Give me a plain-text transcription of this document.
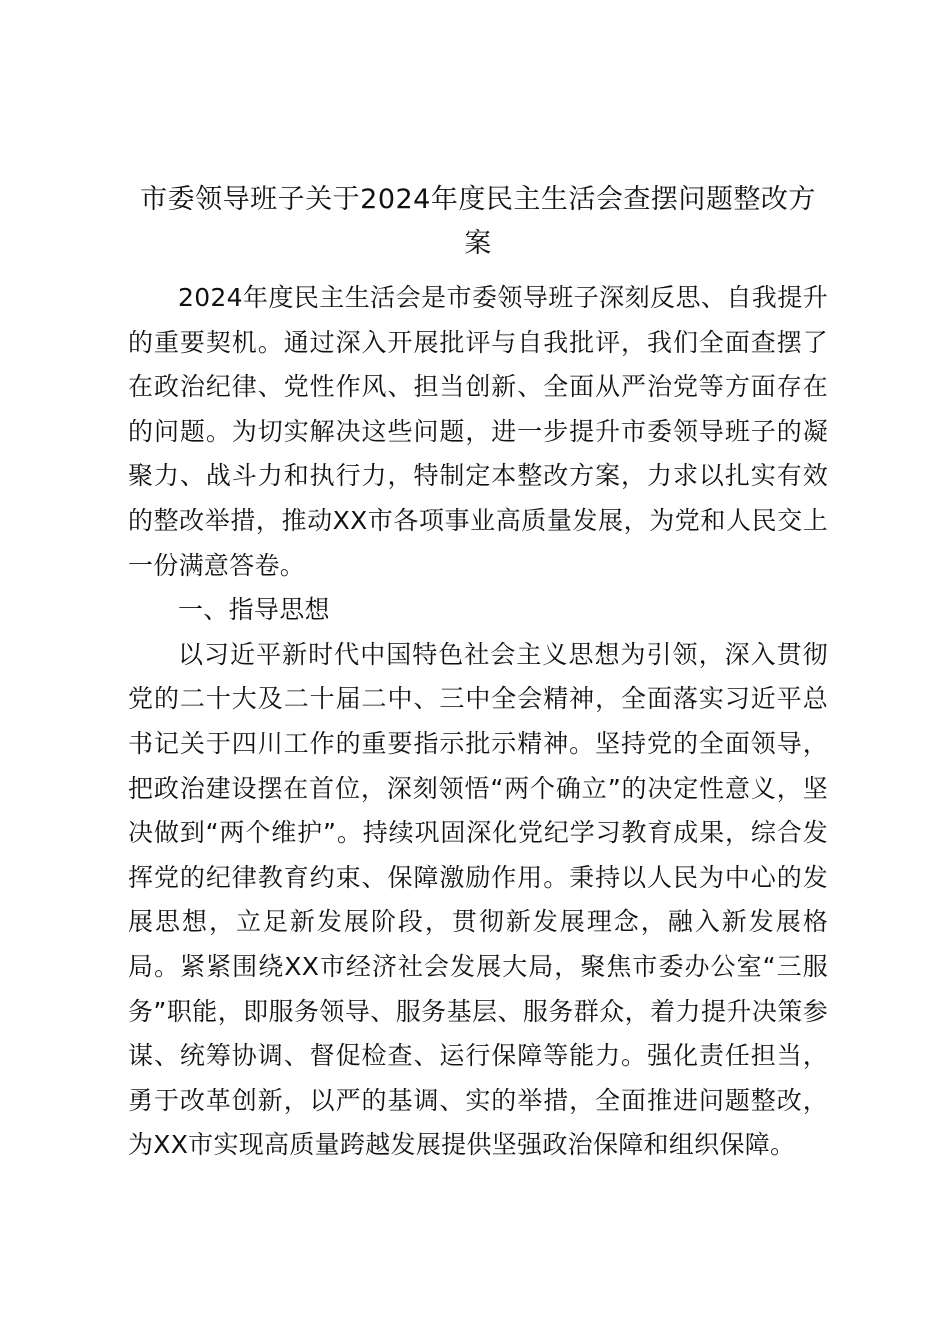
市委领导班子关于2024年度民主生活会查摆问题整改方案

2024年度民主生活会是市委领导班子深刻反思、自我提升的重要契机。通过深入开展批评与自我批评，我们全面查摆了在政治纪律、党性作风、担当创新、全面从严治党等方面存在的问题。为切实解决这些问题，进一步提升市委领导班子的凝聚力、战斗力和执行力，特制定本整改方案，力求以扎实有效的整改举措，推动XX市各项事业高质量发展，为党和人民交上一份满意答卷。

一、指导思想

以习近平新时代中国特色社会主义思想为引领，深入贯彻党的二十大及二十届二中、三中全会精神，全面落实习近平总书记关于四川工作的重要指示批示精神。坚持党的全面领导，把政治建设摆在首位，深刻领悟“两个确立”的决定性意义，坚决做到“两个维护”。持续巩固深化党纪学习教育成果，综合发挥党的纪律教育约束、保障激励作用。秉持以人民为中心的发展思想，立足新发展阶段，贯彻新发展理念，融入新发展格局。紧紧围绕XX市经济社会发展大局，聚焦市委办公室“三服务”职能，即服务领导、服务基层、服务群众，着力提升决策参谋、统筹协调、督促检查、运行保障等能力。强化责任担当，勇于改革创新，以严的基调、实的举措，全面推进问题整改，为XX市实现高质量跨越发展提供坚强政治保障和组织保障。
